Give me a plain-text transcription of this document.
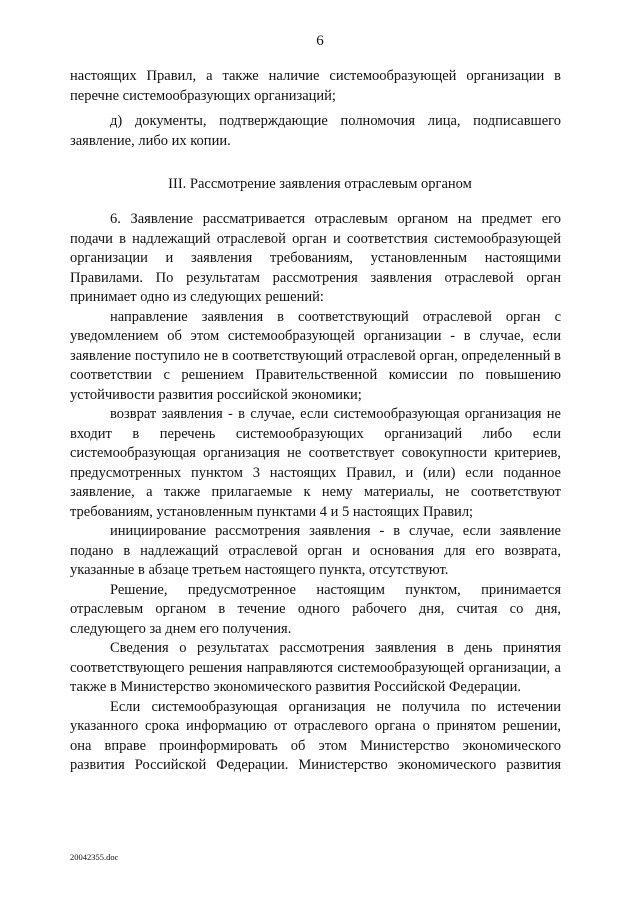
6

настоящих Правил, а также наличие системообразующей организации в перечне системообразующих организаций;

д) документы, подтверждающие полномочия лица, подписавшего заявление, либо их копии.

III. Рассмотрение заявления отраслевым органом

6. Заявление рассматривается отраслевым органом на предмет его подачи в надлежащий отраслевой орган и соответствия системообразующей организации и заявления требованиям, установленным настоящими Правилами. По результатам рассмотрения заявления отраслевой орган принимает одно из следующих решений:

направление заявления в соответствующий отраслевой орган с уведомлением об этом системообразующей организации - в случае, если заявление поступило не в соответствующий отраслевой орган, определенный в соответствии с решением Правительственной комиссии по повышению устойчивости развития российской экономики;

возврат заявления - в случае, если системообразующая организация не входит в перечень системообразующих организаций либо если системообразующая организация не соответствует совокупности критериев, предусмотренных пунктом 3 настоящих Правил, и (или) если поданное заявление, а также прилагаемые к нему материалы, не соответствуют требованиям, установленным пунктами 4 и 5 настоящих Правил;

инициирование рассмотрения заявления - в случае, если заявление подано в надлежащий отраслевой орган и основания для его возврата, указанные в абзаце третьем настоящего пункта, отсутствуют.

Решение, предусмотренное настоящим пунктом, принимается отраслевым органом в течение одного рабочего дня, считая со дня, следующего за днем его получения.

Сведения о результатах рассмотрения заявления в день принятия соответствующего решения направляются системообразующей организации, а также в Министерство экономического развития Российской Федерации.

Если системообразующая организация не получила по истечении указанного срока информацию от отраслевого органа о принятом решении, она вправе проинформировать об этом Министерство экономического развития Российской Федерации. Министерство экономического развития

20042355.doc
